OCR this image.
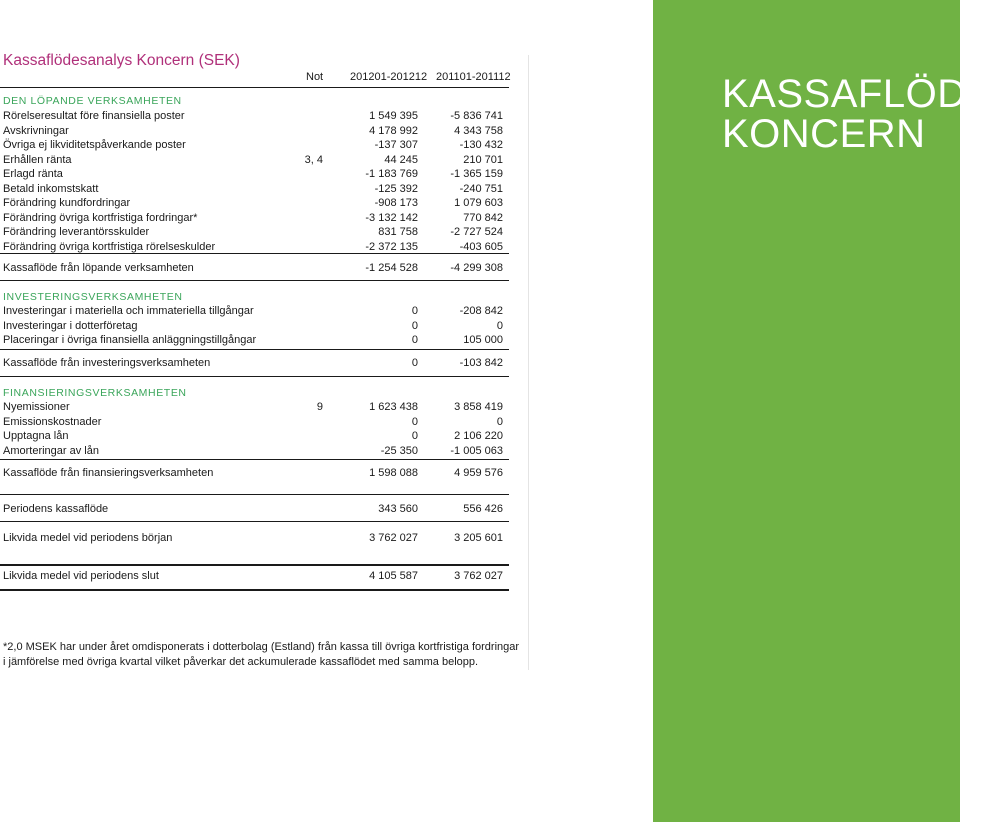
Kassaflödesanalys Koncern (SEK)
Not 201201-201212 201101-201112
DEN LÖPANDE VERKSAMHETEN
Rörelseresultat före finansiella poster	1 549 395	-5 836 741
Avskrivningar	4 178 992	4 343 758
Övriga ej likviditetspåverkande poster	-137 307	-130 432
Erhållen ränta	3, 4	44 245	210 701
Erlagd ränta	-1 183 769	-1 365 159
Betald inkomstskatt	-125 392	-240 751
Förändring kundfordringar	-908 173	1 079 603
Förändring övriga kortfristiga fordringar*	-3 132 142	770 842
Förändring leverantörsskulder	831 758	-2 727 524
Förändring övriga kortfristiga rörelseskulder	-2 372 135	-403 605
Kassaflöde från löpande verksamheten	-1 254 528	-4 299 308
INVESTERINGSVERKSAMHETEN
Investeringar i materiella och immateriella tillgångar	0	-208 842
Investeringar i dotterföretag	0	0
Placeringar i övriga finansiella anläggningstillgångar	0	105 000
Kassaflöde från investeringsverksamheten	0	-103 842
FINANSIERINGSVERKSAMHETEN
Nyemissioner	9	1 623 438	3 858 419
Emissionskostnader	0	0
Upptagna lån	0	2 106 220
Amorteringar av lån	-25 350	-1 005 063
Kassaflöde från finansieringsverksamheten	1 598 088	4 959 576
Periodens kassaflöde	343 560	556 426
Likvida medel vid periodens början	3 762 027	3 205 601
Likvida medel vid periodens slut	4 105 587	3 762 027
*2,0 MSEK har under året omdisponerats i dotterbolag (Estland) från kassa till övriga kortfristiga fordringar
i jämförelse med övriga kvartal vilket påverkar det ackumulerade kassaflödet med samma belopp.
KASSAFLÖDE
KONCERN
